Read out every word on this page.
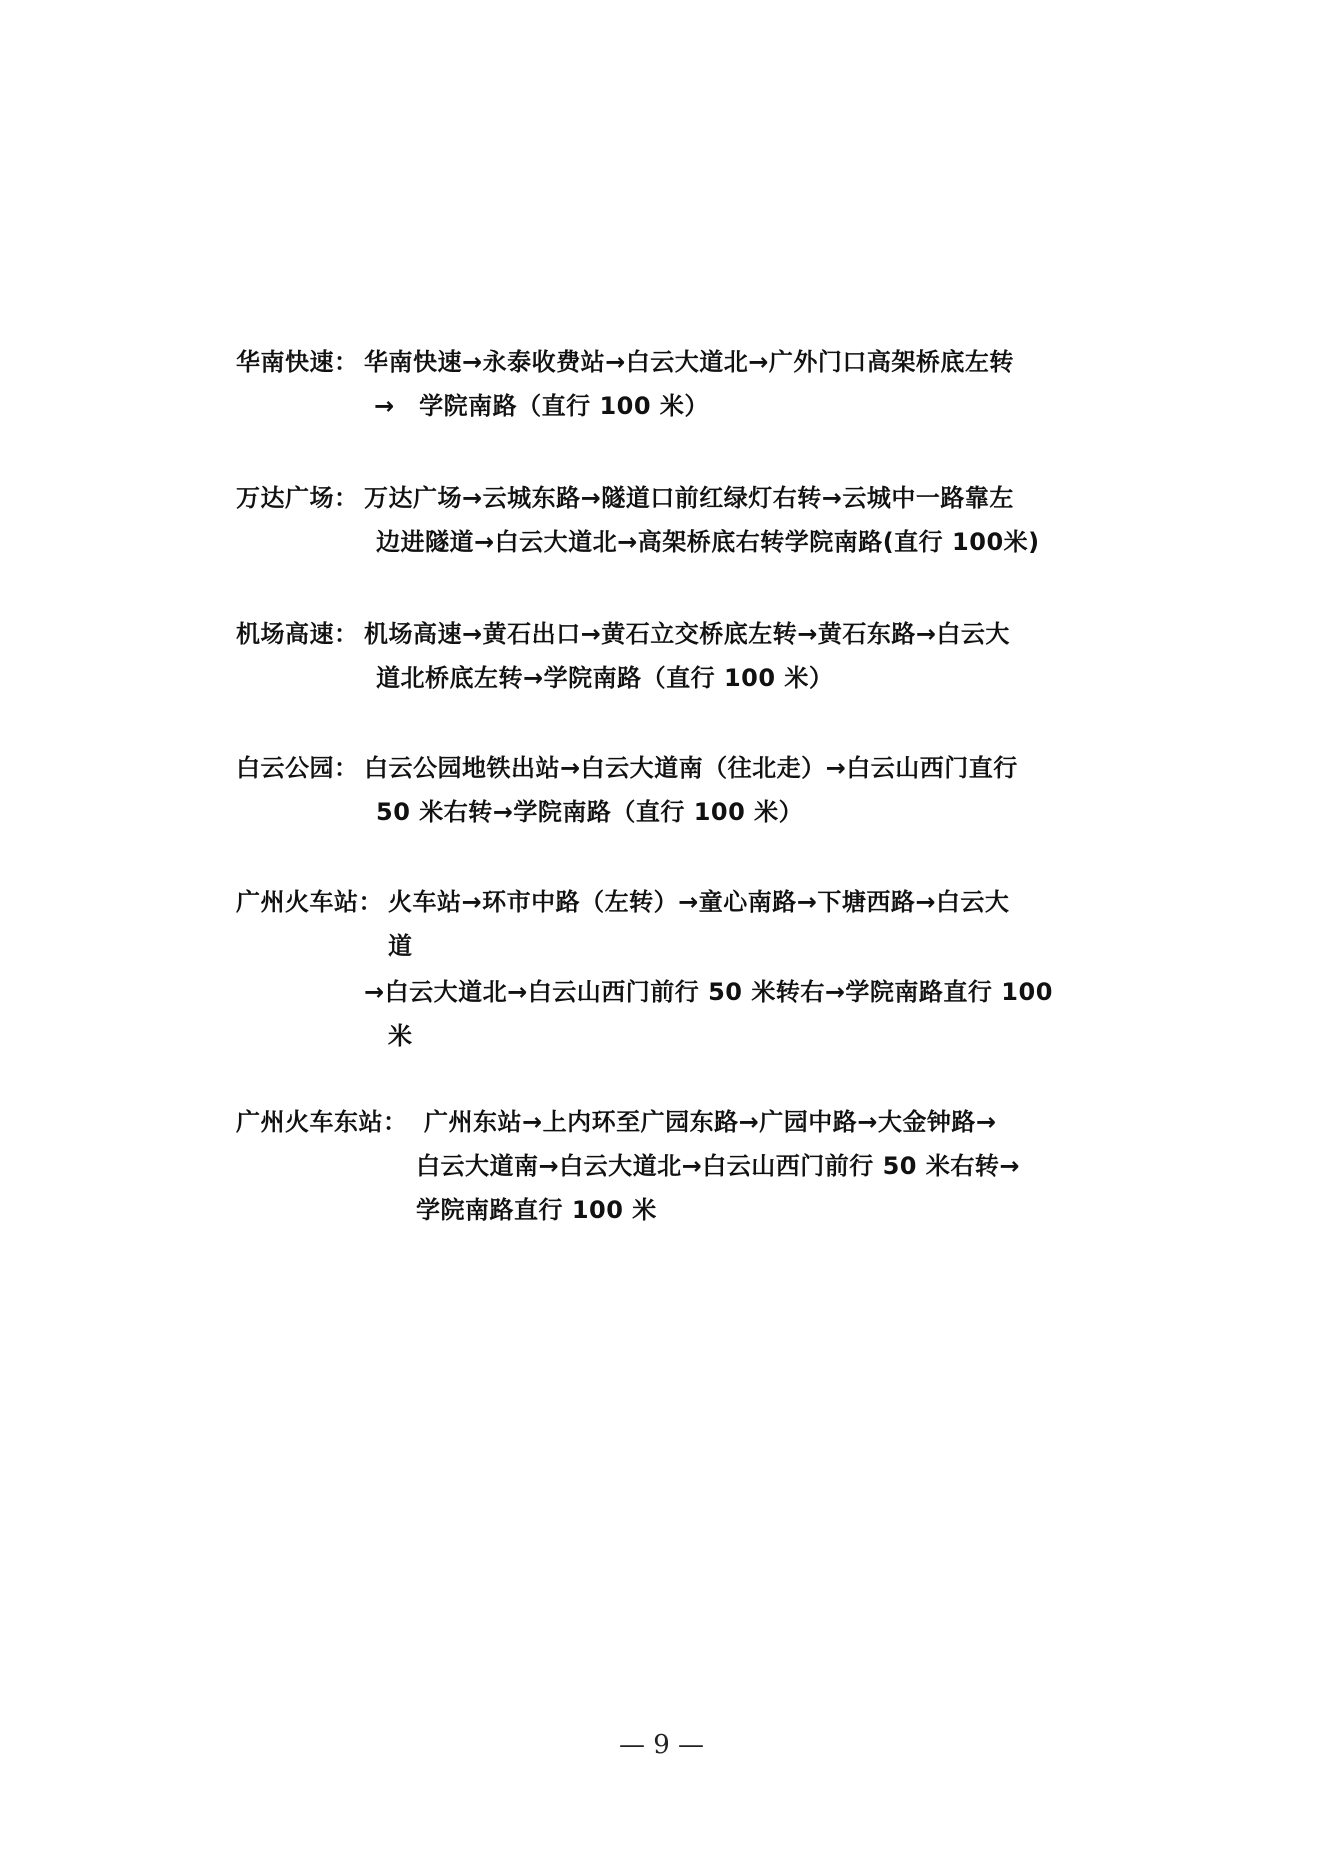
华南快速： 华南快速→永泰收费站→白云大道北→广外门口高架桥底左转
→　学院南路（直行 100 米）
万达广场： 万达广场→云城东路→隧道口前红绿灯右转→云城中一路靠左
边进隧道→白云大道北→高架桥底右转学院南路(直行 100米)
机场高速： 机场高速→黄石出口→黄石立交桥底左转→黄石东路→白云大
道北桥底左转→学院南路（直行 100 米）
白云公园： 白云公园地铁出站→白云大道南（往北走）→白云山西门直行
50 米右转→学院南路（直行 100 米）
广州火车站： 火车站→环市中路（左转）→童心南路→下塘西路→白云大
道
→白云大道北→白云山西门前行 50 米转右→学院南路直行 100
米
广州火车东站： 广州东站→上内环至广园东路→广园中路→大金钟路→
白云大道南→白云大道北→白云山西门前行 50 米右转→
学院南路直行 100 米
— 9 —
